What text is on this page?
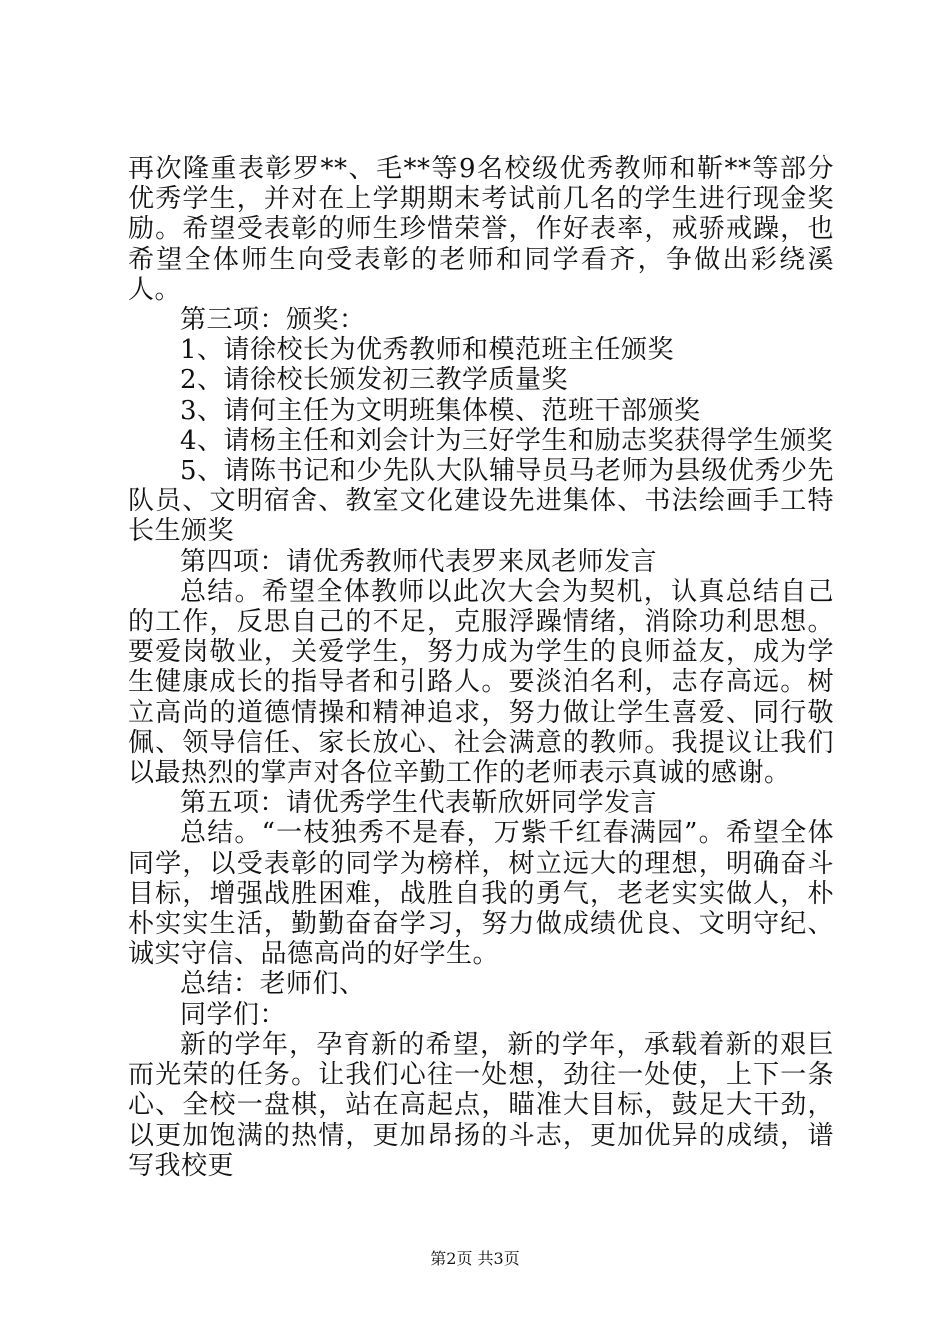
再次隆重表彰罗**、毛**等9名校级优秀教师和靳**等部分优秀学生，并对在上学期期末考试前几名的学生进行现金奖励。希望受表彰的师生珍惜荣誉，作好表率，戒骄戒躁，也希望全体师生向受表彰的老师和同学看齐，争做出彩绕溪人。

第三项：颁奖：

1、请徐校长为优秀教师和模范班主任颁奖

2、请徐校长颁发初三教学质量奖

3、请何主任为文明班集体模、范班干部颁奖

4、请杨主任和刘会计为三好学生和励志奖获得学生颁奖

5、请陈书记和少先队大队辅导员马老师为县级优秀少先队员、文明宿舍、教室文化建设先进集体、书法绘画手工特长生颁奖

第四项：请优秀教师代表罗来凤老师发言

总结。希望全体教师以此次大会为契机，认真总结自己的工作，反思自己的不足，克服浮躁情绪，消除功利思想。要爱岗敬业，关爱学生，努力成为学生的良师益友，成为学生健康成长的指导者和引路人。要淡泊名利，志存高远。树立高尚的道德情操和精神追求，努力做让学生喜爱、同行敬佩、领导信任、家长放心、社会满意的教师。我提议让我们以最热烈的掌声对各位辛勤工作的老师表示真诚的感谢。

第五项：请优秀学生代表靳欣妍同学发言

总结。“一枝独秀不是春，万紫千红春满园”。希望全体同学，以受表彰的同学为榜样，树立远大的理想，明确奋斗目标，增强战胜困难，战胜自我的勇气，老老实实做人，朴朴实实生活，勤勤奋奋学习，努力做成绩优良、文明守纪、诚实守信、品德高尚的好学生。

总结：老师们、

同学们：

新的学年，孕育新的希望，新的学年，承载着新的艰巨而光荣的任务。让我们心往一处想，劲往一处使，上下一条心、全校一盘棋，站在高起点，瞄准大目标，鼓足大干劲，以更加饱满的热情，更加昂扬的斗志，更加优异的成绩，谱写我校更

第2页 共3页
